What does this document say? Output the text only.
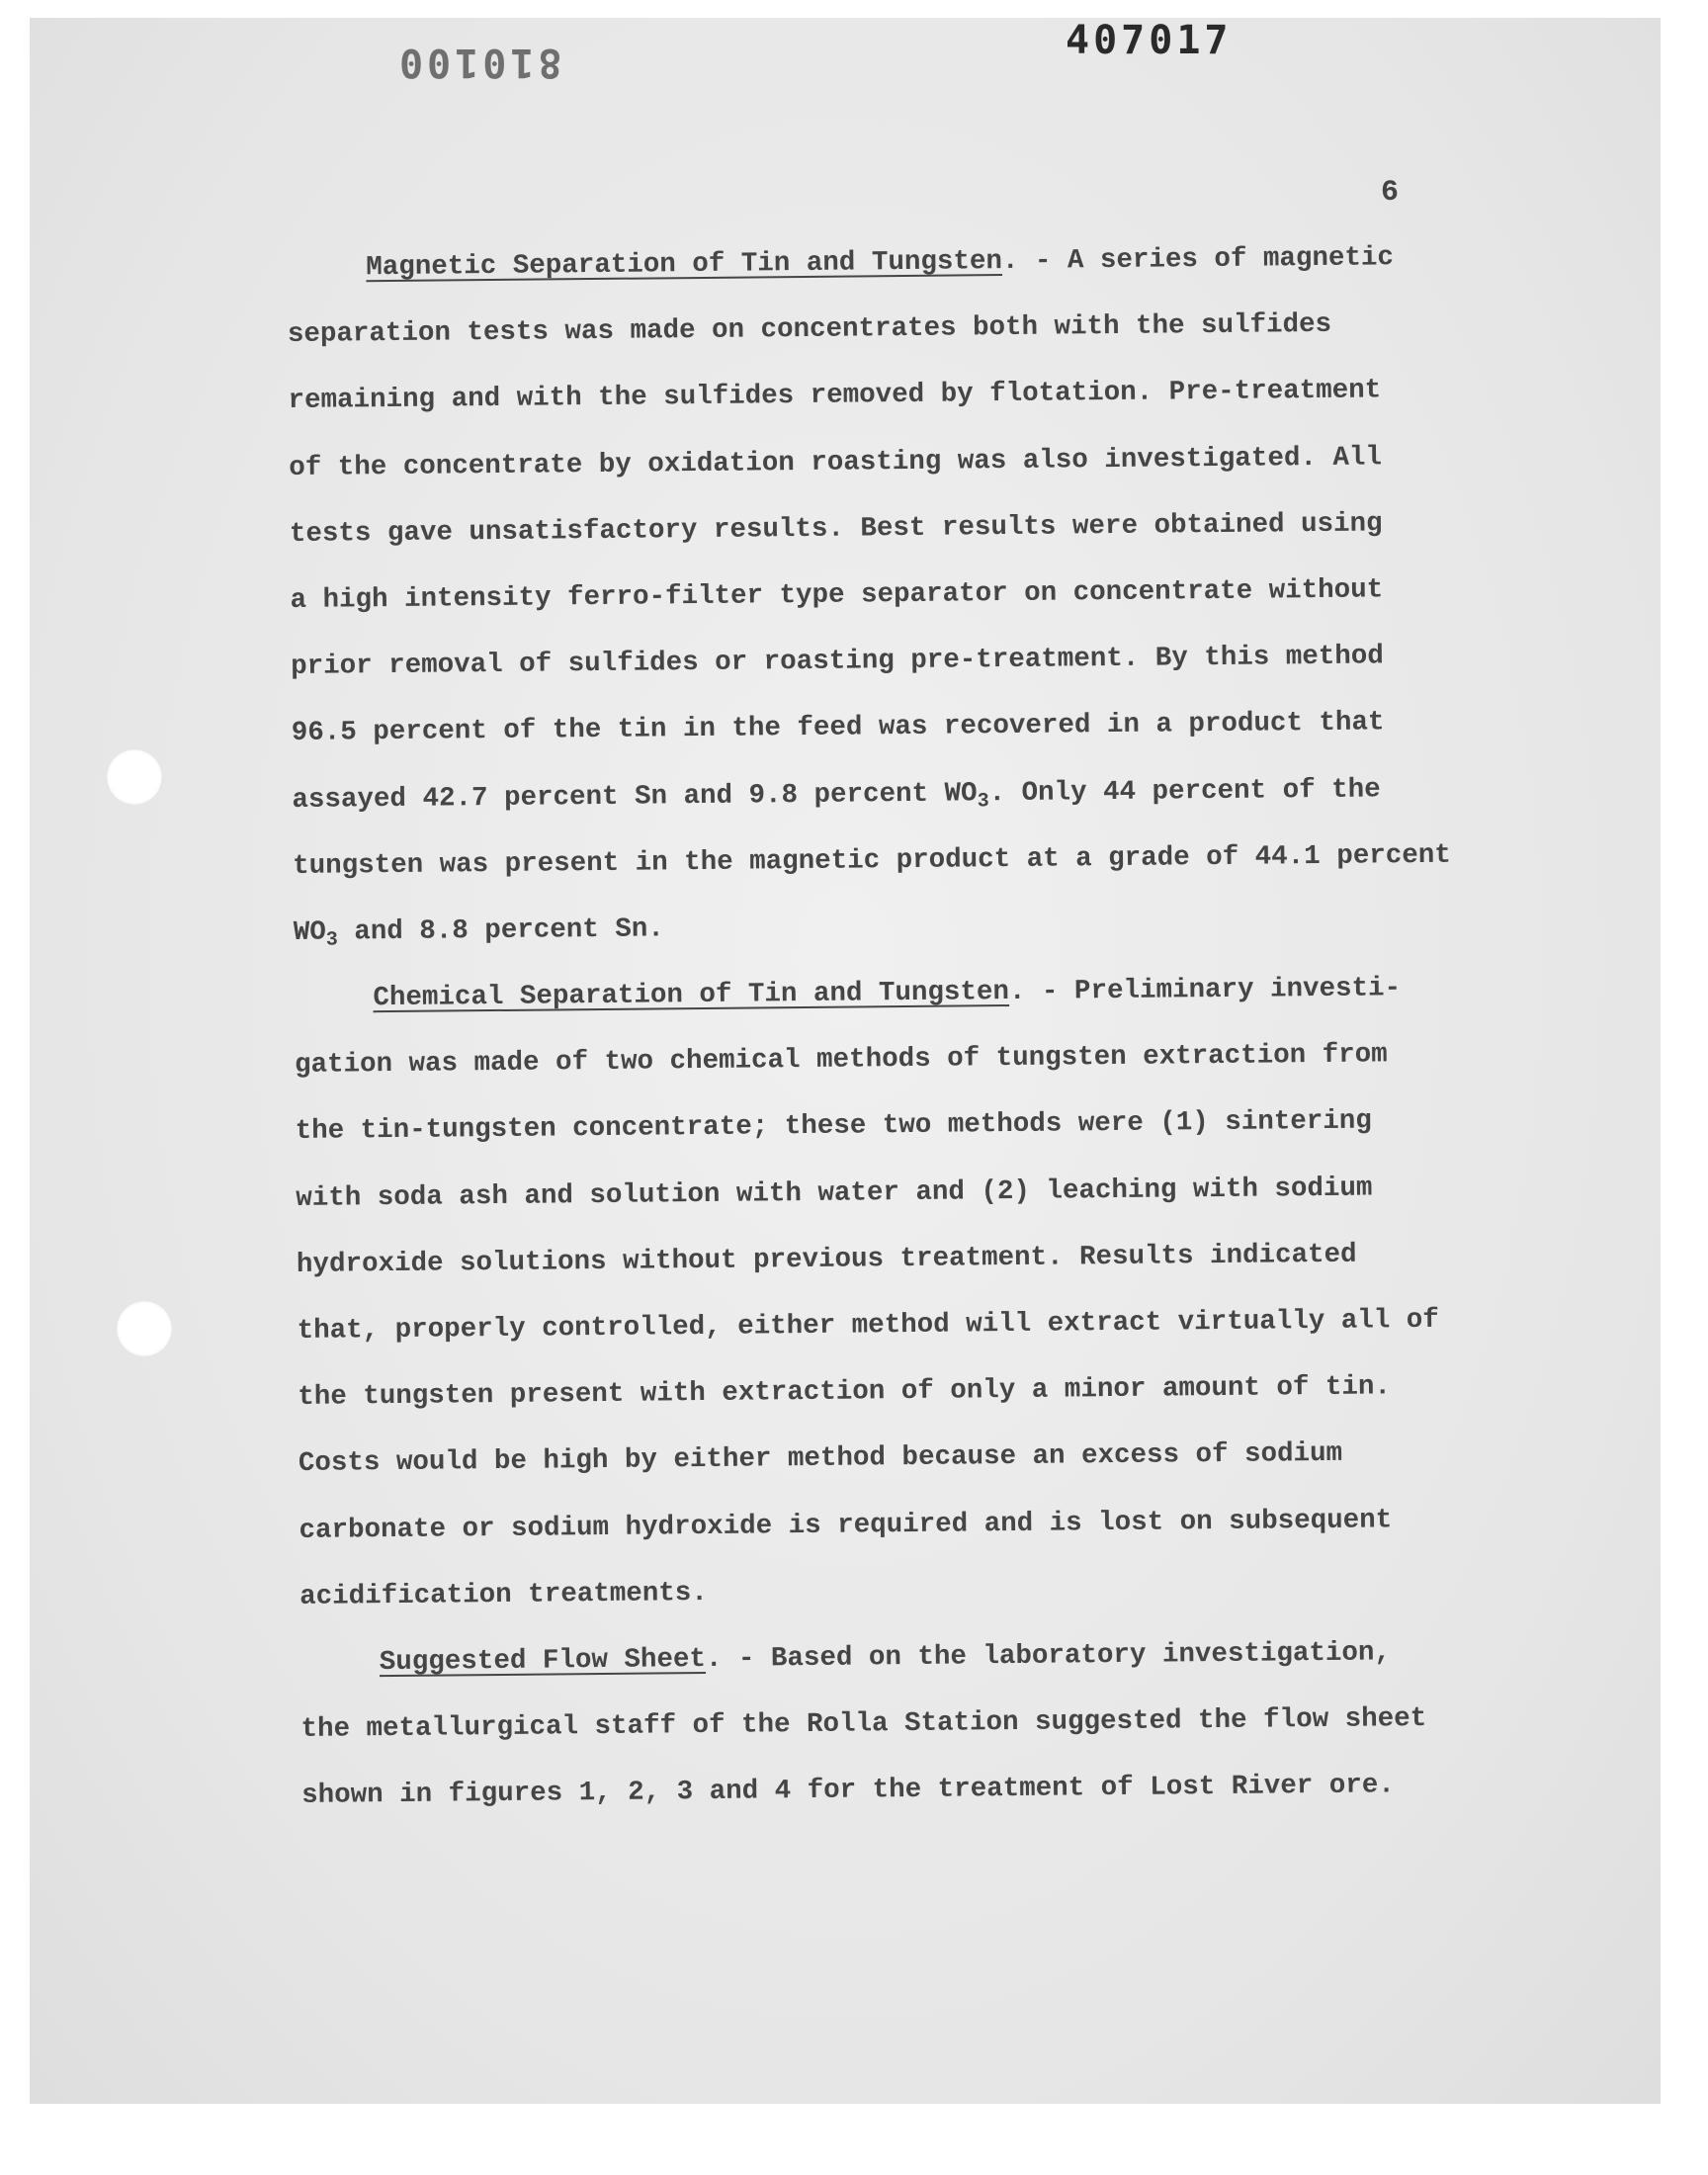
810100	407017
6
Magnetic Separation of Tin and Tungsten. - A series of magnetic
separation tests was made on concentrates both with the sulfides
remaining and with the sulfides removed by flotation. Pre-treatment
of the concentrate by oxidation roasting was also investigated. All
tests gave unsatisfactory results. Best results were obtained using
a high intensity ferro-filter type separator on concentrate without
prior removal of sulfides or roasting pre-treatment. By this method
96.5 percent of the tin in the feed was recovered in a product that
assayed 42.7 percent Sn and 9.8 percent $WO_3$. Only 44 percent of the
tungsten was present in the magnetic product at a grade of 44.1 percent
$WO_3$ and 8.8 percent Sn.
Chemical Separation of Tin and Tungsten. - Preliminary investi-
gation was made of two chemical methods of tungsten extraction from
the tin-tungsten concentrate; these two methods were (1) sintering
with soda ash and solution with water and (2) leaching with sodium
hydroxide solutions without previous treatment. Results indicated
that, properly controlled, either method will extract virtually all of
the tungsten present with extraction of only a minor amount of tin.
Costs would be high by either method because an excess of sodium
carbonate or sodium hydroxide is required and is lost on subsequent
acidification treatments.
Suggested Flow Sheet. - Based on the laboratory investigation,
the metallurgical staff of the Rolla Station suggested the flow sheet
shown in figures 1, 2, 3 and 4 for the treatment of Lost River ore.
